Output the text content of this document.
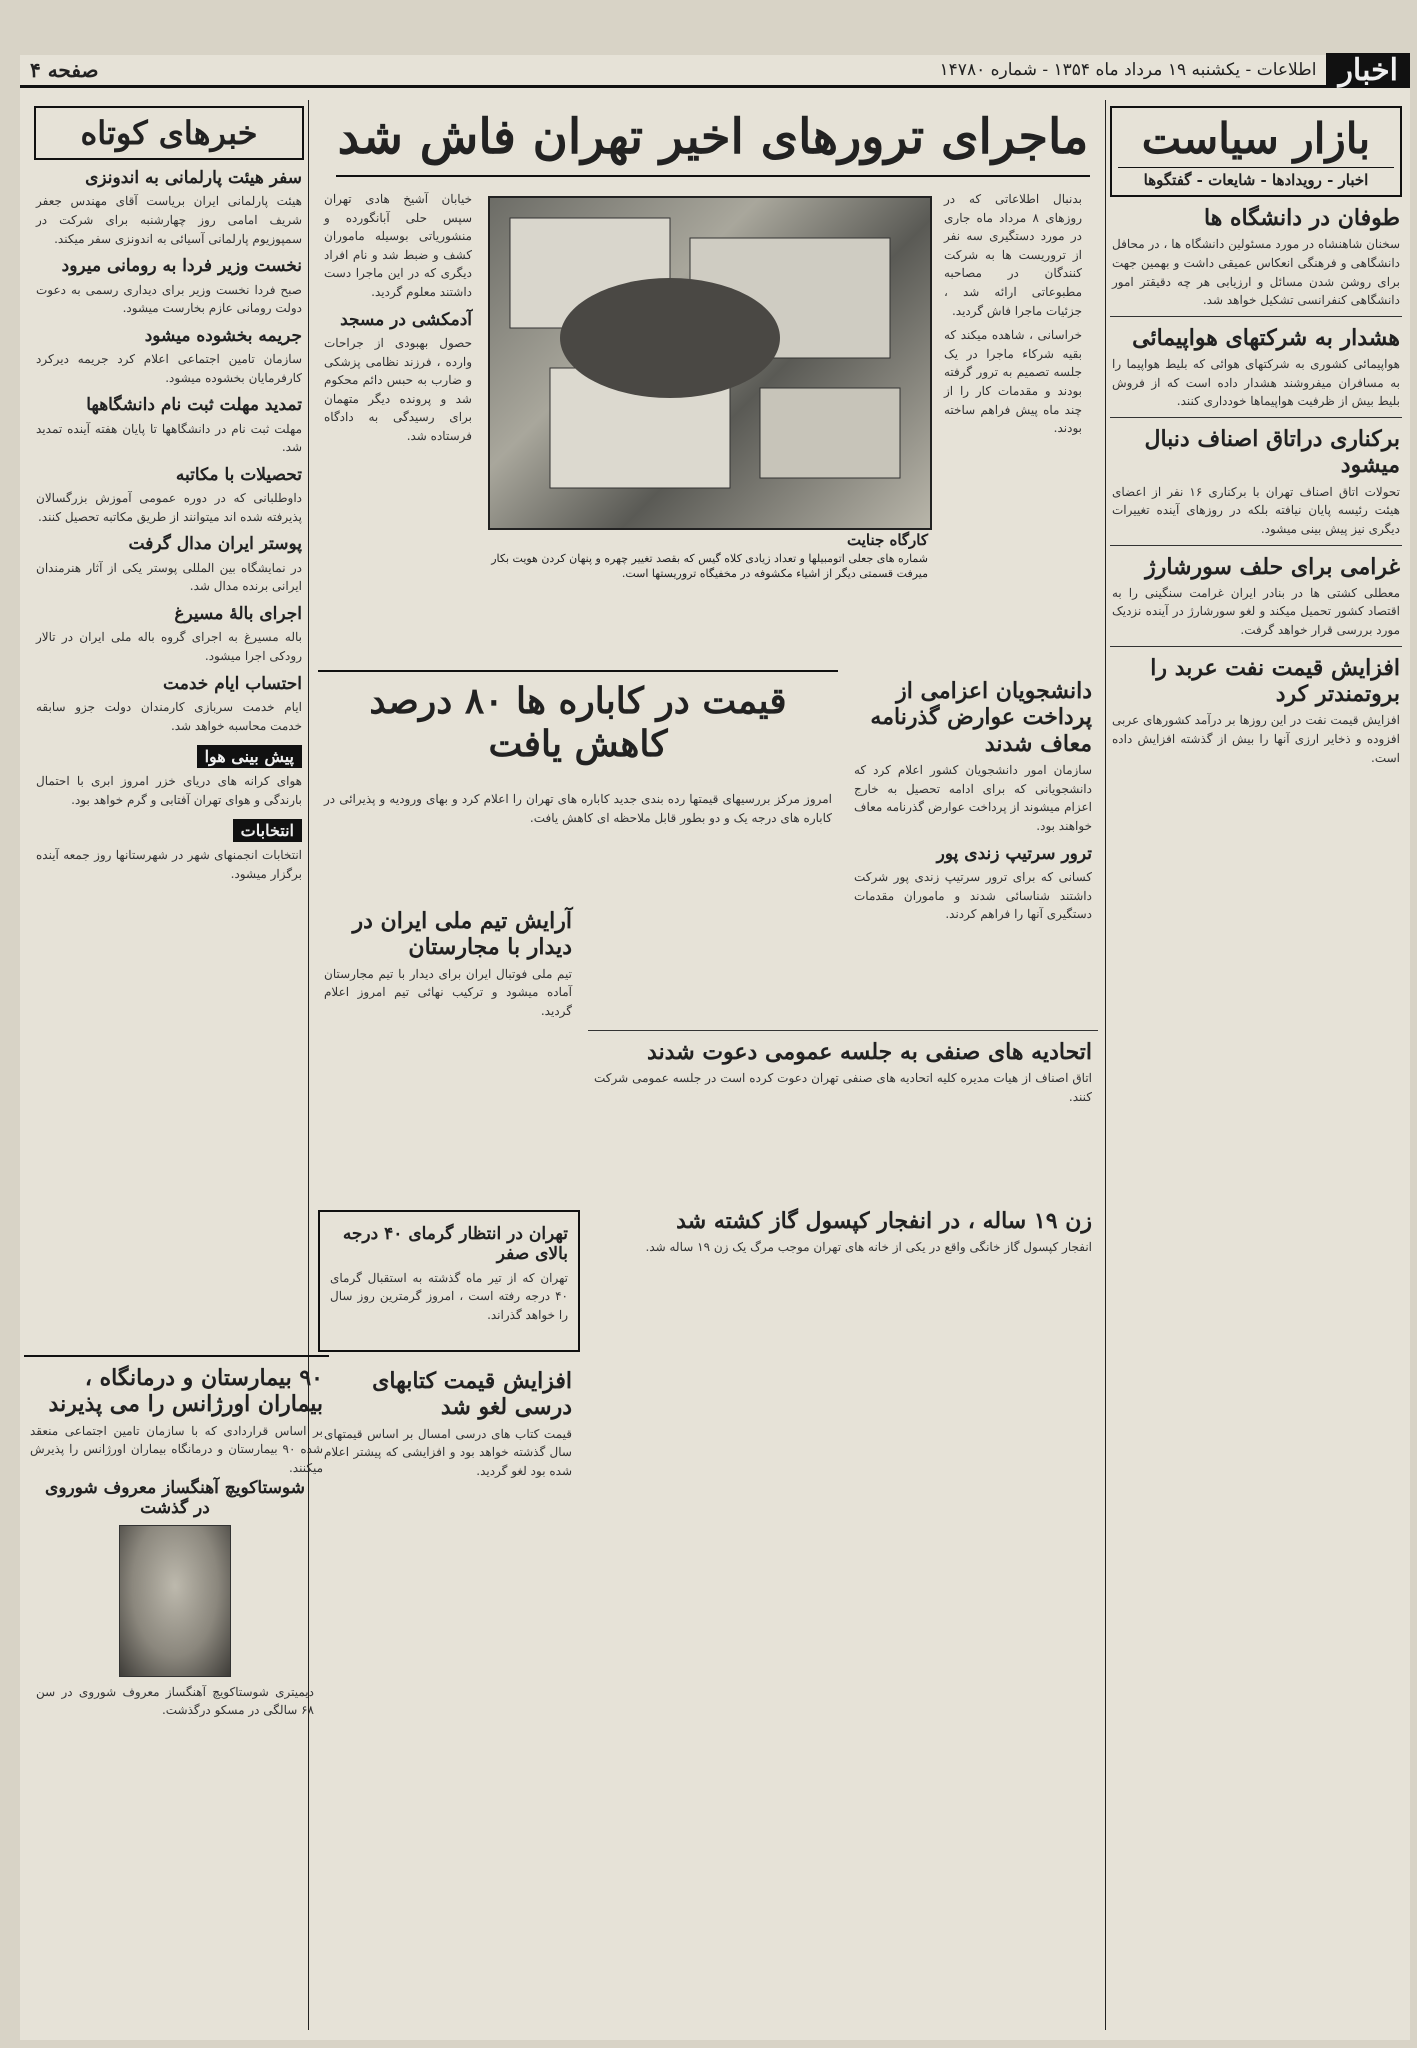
اخبار
اطلاعات - یکشنبه ۱۹ مرداد ماه ۱۳۵۴ - شماره ۱۴۷۸۰
صفحه ۴
بازار سیاست
اخبار - رویدادها - شایعات - گفتگوها
طوفان در دانشگاه ها

سخنان شاهنشاه در مورد مسئولین دانشگاه ها ، در محافل دانشگاهی و فرهنگی انعکاس عمیقی داشت و بهمین جهت برای روشن شدن مسائل و ارزیابی هر چه دقیقتر امور دانشگاهی کنفرانسی تشکیل خواهد شد.

هشدار به شرکتهای هواپیمائی

هواپیمائی کشوری به شرکتهای هوائی که بلیط هواپیما را به مسافران میفروشند هشدار داده است که از فروش بلیط بیش از ظرفیت هواپیماها خودداری کنند.

برکناری دراتاق اصناف دنبال میشود

تحولات اتاق اصناف تهران با برکناری ۱۶ نفر از اعضای هیئت رئیسه پایان نیافته بلکه در روزهای آینده تغییرات دیگری نیز پیش بینی میشود.

غرامی برای حلف سورشارژ

معطلی کشتی ها در بنادر ایران غرامت سنگینی را به اقتصاد کشور تحمیل میکند و لغو سورشارژ در آینده نزدیک مورد بررسی قرار خواهد گرفت.

افزایش قیمت نفت عربد را بروتمندتر کرد

افزایش قیمت نفت در این روزها بر درآمد کشورهای عربی افزوده و ذخایر ارزی آنها را بیش از گذشته افزایش داده است.

ماجرای ترورهای اخیر تهران فاش شد

بدنبال اطلاعاتی که در روزهای ۸ مرداد ماه جاری در مورد دستگیری سه نفر از تروریست ها به شرکت کنندگان در مصاحبه مطبوعاتی ارائه شد ، جزئیات ماجرا فاش گردید.

خراسانی ، شاهده میکند که بقیه شرکاء ماجرا در یک جلسه تصمیم به ترور گرفته بودند و مقدمات کار را از چند ماه پیش فراهم ساخته بودند.

کارگاه جنایت
شماره های جعلی اتومبیلها و تعداد زیادی کلاه گیس که بقصد تغییر چهره و پنهان کردن هویت بکار میرفت قسمتی دیگر از اشیاء مکشوفه در مخفیگاه تروریستها است.

خیابان آشیخ هادی تهران سپس حلی آبانگورده و منشوریاتی بوسیله ماموران کشف و ضبط شد و نام افراد دیگری که در این ماجرا دست داشتند معلوم گردید.

آدمکشی در مسجد

حصول بهبودی از جراحات وارده ، فرزند نظامی پزشکی و ضارب به حبس دائم محکوم شد و پرونده دیگر متهمان برای رسیدگی به دادگاه فرستاده شد.

قیمت در کاباره ها ۸۰ درصد کاهش یافت

امروز مرکز بررسیهای قیمتها رده بندی جدید کاباره های تهران را اعلام کرد و بهای ورودیه و پذیرائی در کاباره های درجه یک و دو بطور قابل ملاحظه ای کاهش یافت.

دانشجویان اعزامی از پرداخت عوارض گذرنامه معاف شدند

سازمان امور دانشجویان کشور اعلام کرد که دانشجویانی که برای ادامه تحصیل به خارج اعزام میشوند از پرداخت عوارض گذرنامه معاف خواهند بود.

ترور سرتیپ زندی پور

کسانی که برای ترور سرتیپ زندی پور شرکت داشتند شناسائی شدند و ماموران مقدمات دستگیری آنها را فراهم کردند.

اتحادیه های صنفی به جلسه عمومی دعوت شدند

اتاق اصناف از هیات مدیره کلیه اتحادیه های صنفی تهران دعوت کرده است در جلسه عمومی شرکت کنند.

آرایش تیم ملی ایران در دیدار با مجارستان

تیم ملی فوتبال ایران برای دیدار با تیم مجارستان آماده میشود و ترکیب نهائی تیم امروز اعلام گردید.

تهران در انتظار گرمای ۴۰ درجه بالای صفر

تهران که از تیر ماه گذشته به استقبال گرمای ۴۰ درجه رفته است ، امروز گرمترین روز سال را خواهد گذراند.

زن ۱۹ ساله ، در انفجار کپسول گاز کشته شد

انفجار کپسول گاز خانگی واقع در یکی از خانه های تهران موجب مرگ یک زن ۱۹ ساله شد.

افزایش قیمت کتابهای درسی لغو شد

قیمت کتاب های درسی امسال بر اساس قیمتهای سال گذشته خواهد بود و افزایشی که پیشتر اعلام شده بود لغو گردید.

خبرهای کوتاه
سفر هیئت پارلمانی به اندونزی

هیئت پارلمانی ایران بریاست آقای مهندس جعفر شریف امامی روز چهارشنبه برای شرکت در سمپوزیوم پارلمانی آسیائی به اندونزی سفر میکند.

نخست وزیر فردا به رومانی میرود

صبح فردا نخست وزیر برای دیداری رسمی به دعوت دولت رومانی عازم بخارست میشود.

جریمه بخشوده میشود

سازمان تامین اجتماعی اعلام کرد جریمه دیرکرد کارفرمایان بخشوده میشود.

تمدید مهلت ثبت نام دانشگاهها

مهلت ثبت نام در دانشگاهها تا پایان هفته آینده تمدید شد.

تحصیلات با مکاتبه

داوطلبانی که در دوره عمومی آموزش بزرگسالان پذیرفته شده اند میتوانند از طریق مکاتبه تحصیل کنند.

پوستر ایران مدال گرفت

در نمایشگاه بین المللی پوستر یکی از آثار هنرمندان ایرانی برنده مدال شد.

اجرای بالهٔ مسیرغ

باله مسیرغ به اجرای گروه باله ملی ایران در تالار رودکی اجرا میشود.

احتساب ایام خدمت

ایام خدمت سربازی کارمندان دولت جزو سابقه خدمت محاسبه خواهد شد.

پیش بینی هوا

هوای کرانه های دریای خزر امروز ابری با احتمال بارندگی و هوای تهران آفتابی و گرم خواهد بود.

انتخابات

انتخابات انجمنهای شهر در شهرستانها روز جمعه آینده برگزار میشود.

۹۰ بیمارستان و درمانگاه ، بیماران اورژانس را می پذیرند

بر اساس قراردادی که با سازمان تامین اجتماعی منعقد شده ۹۰ بیمارستان و درمانگاه بیماران اورژانس را پذیرش میکنند.

شوستاکویچ آهنگساز معروف شوروی در گذشت

دیمیتری شوستاکویچ آهنگساز معروف شوروی در سن ۶۸ سالگی در مسکو درگذشت.
